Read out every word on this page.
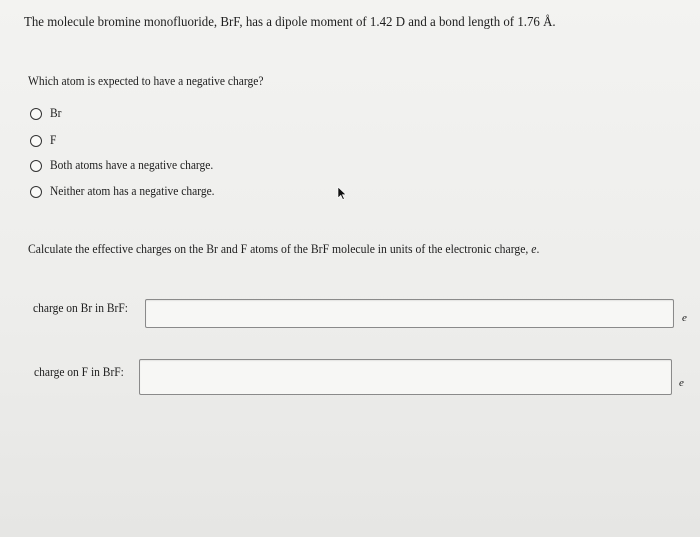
The molecule bromine monofluoride, BrF, has a dipole moment of 1.42 D and a bond length of 1.76 Å.
Which atom is expected to have a negative charge?
Br
F
Both atoms have a negative charge.
Neither atom has a negative charge.
Calculate the effective charges on the Br and F atoms of the BrF molecule in units of the electronic charge, e.
charge on Br in BrF:
e
charge on F in BrF:
e
